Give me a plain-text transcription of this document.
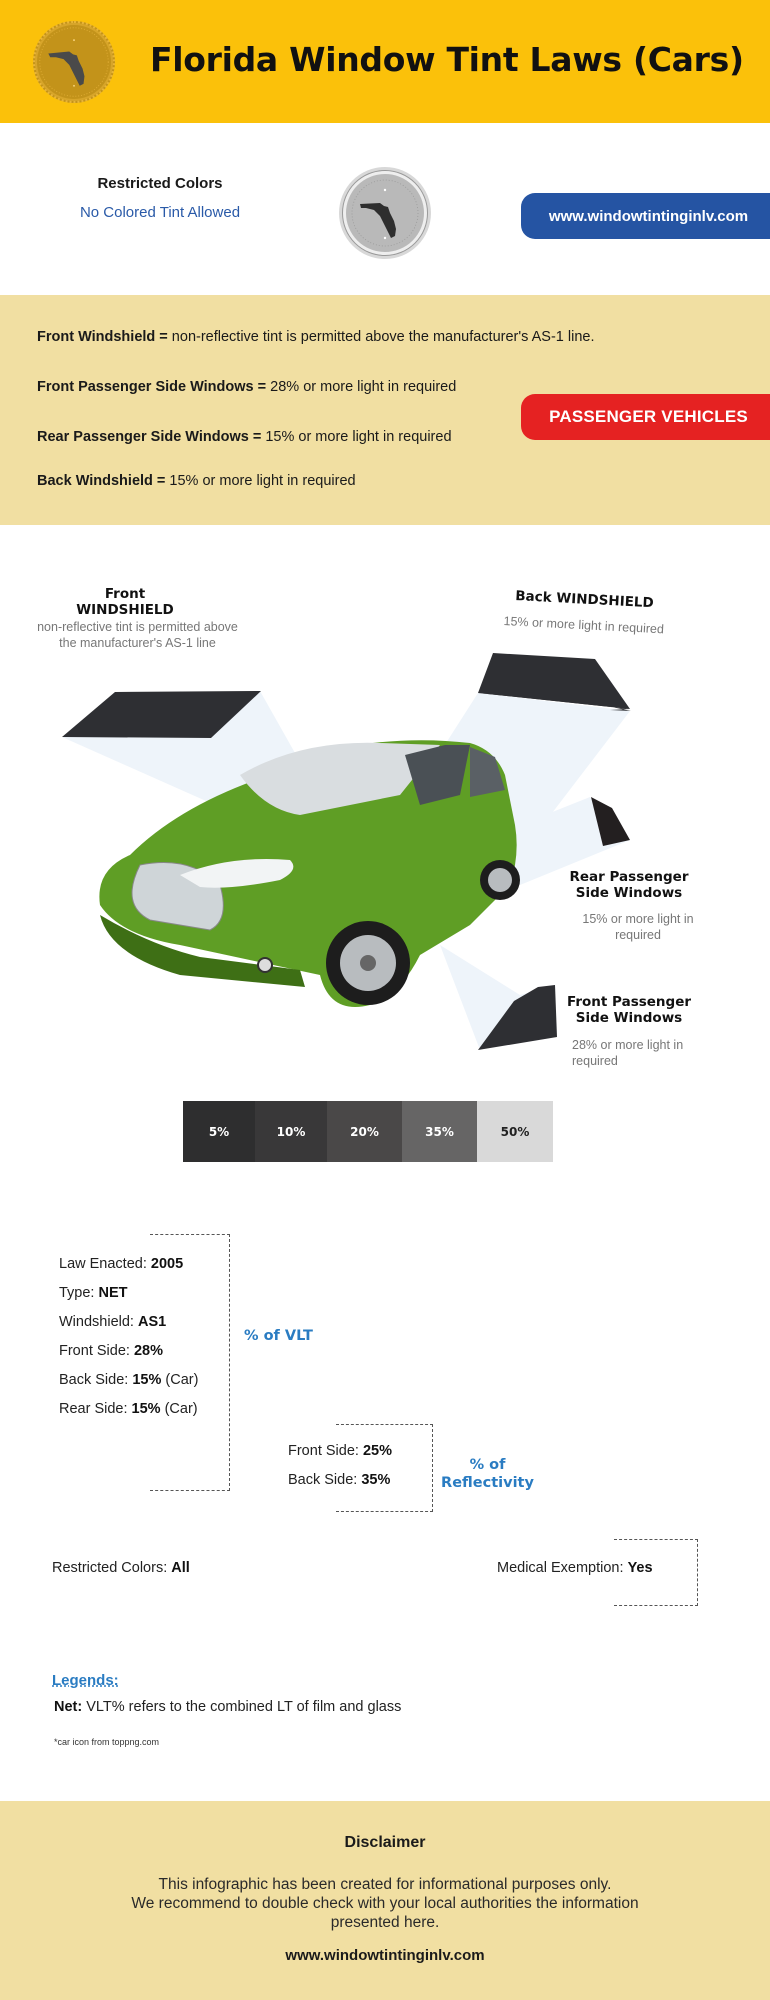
Florida Window Tint Laws (Cars)
Restricted Colors
No Colored Tint Allowed	www.windowtintinginlv.com
Front Windshield = non-reflective tint is permitted above the manufacturer's AS-1 line.
Front Passenger Side Windows = 28% or more light in required
Rear Passenger Side Windows = 15% or more light in required
Back Windshield = 15% or more light in required
PASSENGER VEHICLES
Front WINDSHIELD
non-reflective tint is permitted above
the manufacturer's AS-1 line
Back WINDSHIELD
15% or more light in required
Rear Passenger
Side Windows
15% or more light in
required
Front Passenger
Side Windows
28% or more light in
required
5%	10%	20%	35%	50%
Law Enacted: 2005
Type: NET
Windshield: AS1
Front Side: 28%
Back Side: 15% (Car)
Rear Side: 15% (Car)
% of VLT
Front Side: 25%
Back Side: 35%
% of
Reflectivity
Restricted Colors: All	Medical Exemption: Yes
Legends:
Net: VLT% refers to the combined LT of film and glass
*car icon from toppng.com
Disclaimer
This infographic has been created for informational purposes only.
We recommend to double check with your local authorities the information
presented here.
www.windowtintinginlv.com
